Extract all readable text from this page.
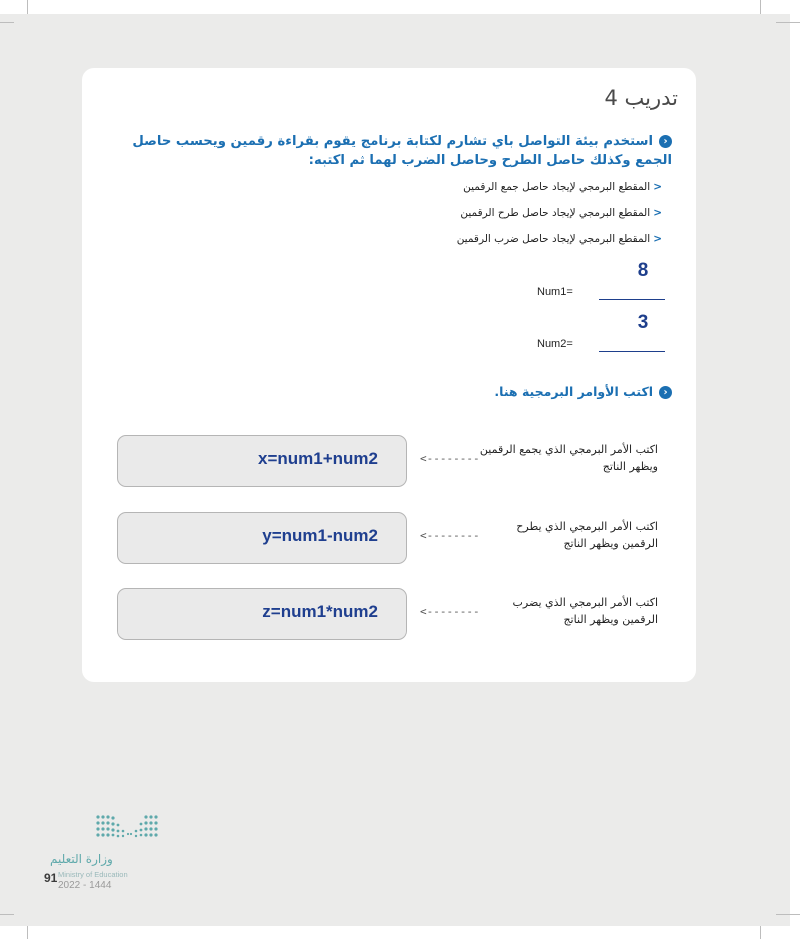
تدريب 4

‹استخدم بيئة التواصل باي تشارم لكتابة برنامج يقوم بقراءة رقمين ويحسب حاصل الجمع وكذلك حاصل الطرح وحاصل الضرب لهما ثم اكتبه:

<المقطع البرمجي لإيجاد حاصل جمع الرقمين
<المقطع البرمجي لإيجاد حاصل طرح الرقمين
<المقطع البرمجي لإيجاد حاصل ضرب الرقمين
Num1=
8
Num2=
3

‹اكتب الأوامر البرمجية هنا.

x=num1+num2	<--------
اكتب الأمر البرمجي الذي يجمع الرقمين ويظهر الناتج
y=num1-num2	<--------
اكتب الأمر البرمجي الذي يطرح الرقمين ويظهر الناتج
z=num1*num2	<--------
اكتب الأمر البرمجي الذي يضرب الرقمين ويظهر الناتج
وزارة التعليم
Ministry of Education
91
2022 - 1444
